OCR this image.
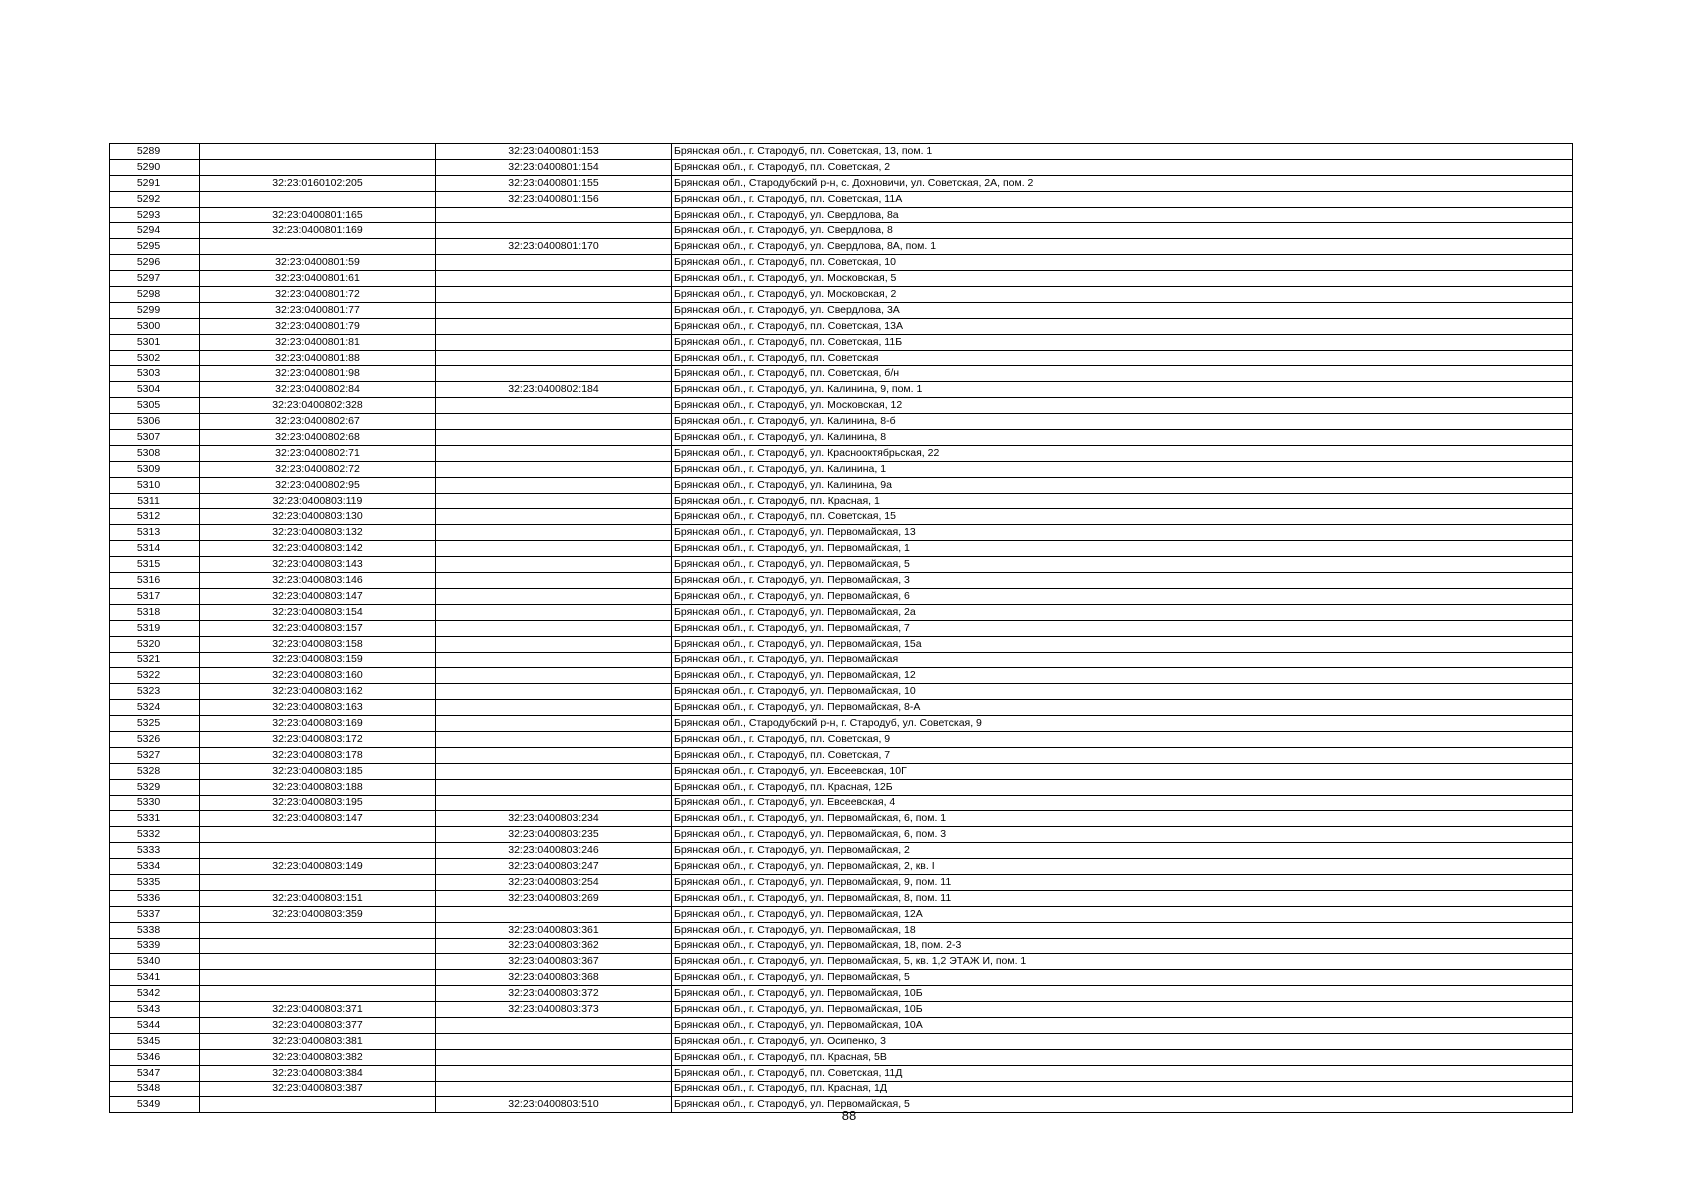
5289		32:23:0400801:153	Брянская обл., г. Стародуб, пл. Советская, 13, пом. 1
5290		32:23:0400801:154	Брянская обл., г. Стародуб, пл. Советская, 2
5291	32:23:0160102:205	32:23:0400801:155	Брянская обл., Стародубский р-н, с. Дохновичи, ул. Советская, 2А, пом. 2
5292		32:23:0400801:156	Брянская обл., г. Стародуб, пл. Советская, 11А
5293	32:23:0400801:165		Брянская обл., г. Стародуб, ул. Свердлова, 8а
5294	32:23:0400801:169		Брянская обл., г. Стародуб, ул. Свердлова, 8
5295		32:23:0400801:170	Брянская обл., г. Стародуб, ул. Свердлова, 8А, пом. 1
5296	32:23:0400801:59		Брянская обл., г. Стародуб, пл. Советская, 10
5297	32:23:0400801:61		Брянская обл., г. Стародуб, ул. Московская, 5
5298	32:23:0400801:72		Брянская обл., г. Стародуб, ул. Московская, 2
5299	32:23:0400801:77		Брянская обл., г. Стародуб, ул. Свердлова, 3А
5300	32:23:0400801:79		Брянская обл., г. Стародуб, пл. Советская, 13А
5301	32:23:0400801:81		Брянская обл., г. Стародуб, пл. Советская, 11Б
5302	32:23:0400801:88		Брянская обл., г. Стародуб, пл. Советская
5303	32:23:0400801:98		Брянская обл., г. Стародуб, пл. Советская, б/н
5304	32:23:0400802:84	32:23:0400802:184	Брянская обл., г. Стародуб, ул. Калинина, 9, пом. 1
5305	32:23:0400802:328		Брянская обл., г. Стародуб, ул. Московская, 12
5306	32:23:0400802:67		Брянская обл., г. Стародуб, ул. Калинина, 8-б
5307	32:23:0400802:68		Брянская обл., г. Стародуб, ул. Калинина, 8
5308	32:23:0400802:71		Брянская обл., г. Стародуб, ул. Краснооктябрьская, 22
5309	32:23:0400802:72		Брянская обл., г. Стародуб, ул. Калинина, 1
5310	32:23:0400802:95		Брянская обл., г. Стародуб, ул. Калинина, 9а
5311	32:23:0400803:119		Брянская обл., г. Стародуб, пл. Красная, 1
5312	32:23:0400803:130		Брянская обл., г. Стародуб, пл. Советская, 15
5313	32:23:0400803:132		Брянская обл., г. Стародуб, ул. Первомайская, 13
5314	32:23:0400803:142		Брянская обл., г. Стародуб, ул. Первомайская, 1
5315	32:23:0400803:143		Брянская обл., г. Стародуб, ул. Первомайская, 5
5316	32:23:0400803:146		Брянская обл., г. Стародуб, ул. Первомайская, 3
5317	32:23:0400803:147		Брянская обл., г. Стародуб, ул. Первомайская, 6
5318	32:23:0400803:154		Брянская обл., г. Стародуб, ул. Первомайская, 2а
5319	32:23:0400803:157		Брянская обл., г. Стародуб, ул. Первомайская, 7
5320	32:23:0400803:158		Брянская обл., г. Стародуб, ул. Первомайская, 15а
5321	32:23:0400803:159		Брянская обл., г. Стародуб, ул. Первомайская
5322	32:23:0400803:160		Брянская обл., г. Стародуб, ул. Первомайская, 12
5323	32:23:0400803:162		Брянская обл., г. Стародуб, ул. Первомайская, 10
5324	32:23:0400803:163		Брянская обл., г. Стародуб, ул. Первомайская, 8-А
5325	32:23:0400803:169		Брянская обл., Стародубский р-н, г. Стародуб, ул. Советская, 9
5326	32:23:0400803:172		Брянская обл., г. Стародуб, пл. Советская, 9
5327	32:23:0400803:178		Брянская обл., г. Стародуб, пл. Советская, 7
5328	32:23:0400803:185		Брянская обл., г. Стародуб, ул. Евсеевская, 10Г
5329	32:23:0400803:188		Брянская обл., г. Стародуб, пл. Красная, 12Б
5330	32:23:0400803:195		Брянская обл., г. Стародуб, ул. Евсеевская, 4
5331	32:23:0400803:147	32:23:0400803:234	Брянская обл., г. Стародуб, ул. Первомайская, 6, пом. 1
5332		32:23:0400803:235	Брянская обл., г. Стародуб, ул. Первомайская, 6, пом. 3
5333		32:23:0400803:246	Брянская обл., г. Стародуб, ул. Первомайская, 2
5334	32:23:0400803:149	32:23:0400803:247	Брянская обл., г. Стародуб, ул. Первомайская, 2, кв. I
5335		32:23:0400803:254	Брянская обл., г. Стародуб, ул. Первомайская, 9, пом. 11
5336	32:23:0400803:151	32:23:0400803:269	Брянская обл., г. Стародуб, ул. Первомайская, 8, пом. 11
5337	32:23:0400803:359		Брянская обл., г. Стародуб, ул. Первомайская, 12А
5338		32:23:0400803:361	Брянская обл., г. Стародуб, ул. Первомайская, 18
5339		32:23:0400803:362	Брянская обл., г. Стародуб, ул. Первомайская, 18, пом. 2-3
5340		32:23:0400803:367	Брянская обл., г. Стародуб, ул. Первомайская, 5, кв. 1,2 ЭТАЖ И, пом. 1
5341		32:23:0400803:368	Брянская обл., г. Стародуб, ул. Первомайская, 5
5342		32:23:0400803:372	Брянская обл., г. Стародуб, ул. Первомайская, 10Б
5343	32:23:0400803:371	32:23:0400803:373	Брянская обл., г. Стародуб, ул. Первомайская, 10Б
5344	32:23:0400803:377		Брянская обл., г. Стародуб, ул. Первомайская, 10А
5345	32:23:0400803:381		Брянская обл., г. Стародуб, ул. Осипенко, 3
5346	32:23:0400803:382		Брянская обл., г. Стародуб, пл. Красная, 5В
5347	32:23:0400803:384		Брянская обл., г. Стародуб, пл. Советская, 11Д
5348	32:23:0400803:387		Брянская обл., г. Стародуб, пл. Красная, 1Д
5349		32:23:0400803:510	Брянская обл., г. Стародуб, ул. Первомайская, 5
88
